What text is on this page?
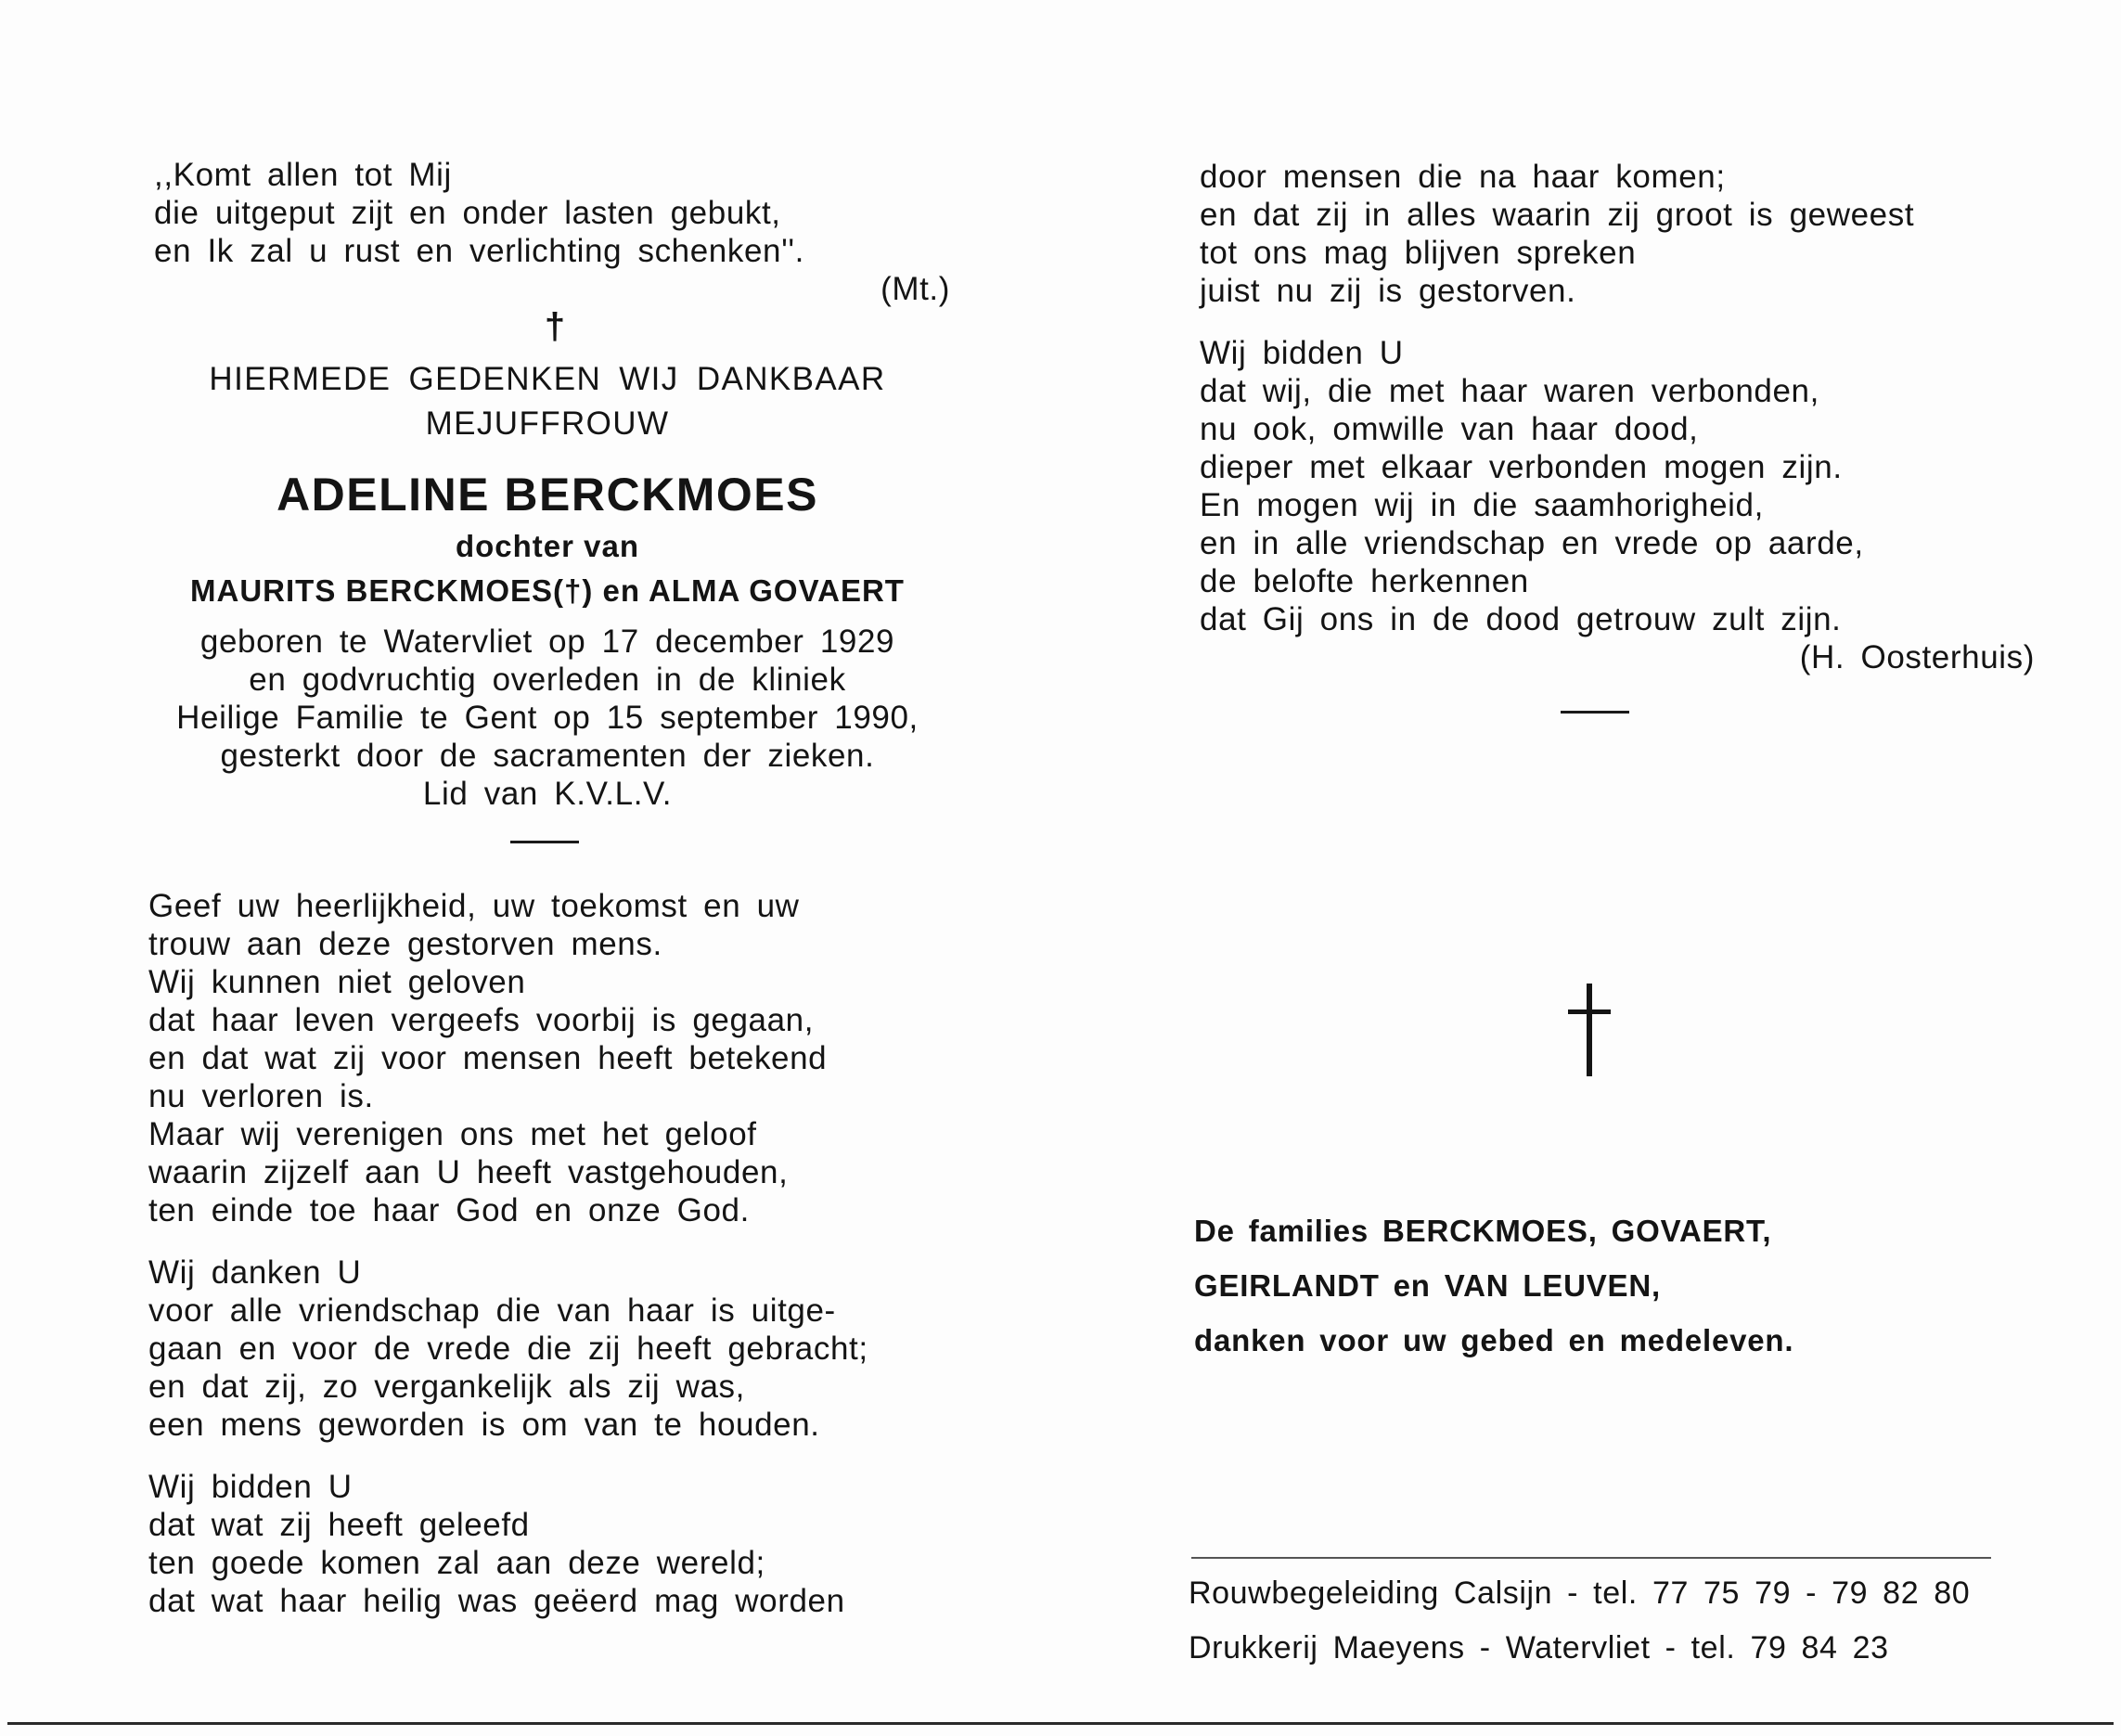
,,Komt allen tot Mij
die uitgeput zijt en onder lasten gebukt,
en Ik zal u rust en verlichting schenken''.
(Mt.)
†
HIERMEDE GEDENKEN WIJ DANKBAAR
MEJUFFROUW
ADELINE BERCKMOES
dochter van
MAURITS BERCKMOES(†) en ALMA GOVAERT
geboren te Watervliet op 17 december 1929
en godvruchtig overleden in de kliniek
Heilige Familie te Gent op 15 september 1990,
gesterkt door de sacramenten der zieken.
Lid van K.V.L.V.
Geef uw heerlijkheid, uw toekomst en uw
trouw aan deze gestorven mens.
Wij kunnen niet geloven
dat haar leven vergeefs voorbij is gegaan,
en dat wat zij voor mensen heeft betekend
nu verloren is.
Maar wij verenigen ons met het geloof
waarin zijzelf aan U heeft vastgehouden,
ten einde toe haar God en onze God.
Wij danken U
voor alle vriendschap die van haar is uitge-
gaan en voor de vrede die zij heeft gebracht;
en dat zij, zo vergankelijk als zij was,
een mens geworden is om van te houden.
Wij bidden U
dat wat zij heeft geleefd
ten goede komen zal aan deze wereld;
dat wat haar heilig was geëerd mag worden
door mensen die na haar komen;
en dat zij in alles waarin zij groot is geweest
tot ons mag blijven spreken
juist nu zij is gestorven.
Wij bidden U
dat wij, die met haar waren verbonden,
nu ook, omwille van haar dood,
dieper met elkaar verbonden mogen zijn.
En mogen wij in die saamhorigheid,
en in alle vriendschap en vrede op aarde,
de belofte herkennen
dat Gij ons in de dood getrouw zult zijn.
(H. Oosterhuis)
De families BERCKMOES, GOVAERT,
GEIRLANDT en VAN LEUVEN,
danken voor uw gebed en medeleven.
Rouwbegeleiding Calsijn - tel. 77 75 79 - 79 82 80
Drukkerij Maeyens - Watervliet - tel. 79 84 23
